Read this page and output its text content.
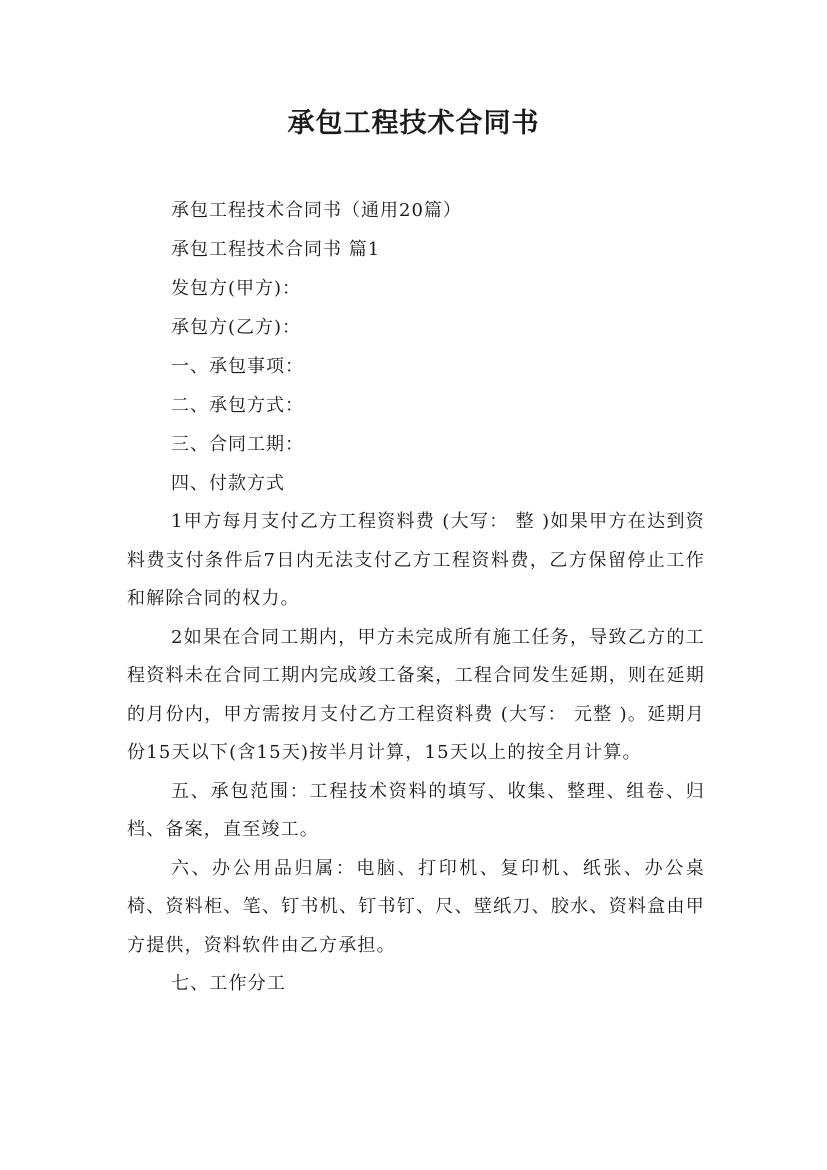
承包工程技术合同书

承包工程技术合同书（通用20篇）

承包工程技术合同书 篇1

发包方(甲方)：

承包方(乙方)：

一、承包事项：

二、承包方式：

三、合同工期：

四、付款方式

1甲方每月支付乙方工程资料费 (大写： 整 )如果甲方在达到资料费支付条件后7日内无法支付乙方工程资料费，乙方保留停止工作和解除合同的权力。

2如果在合同工期内，甲方未完成所有施工任务，导致乙方的工程资料未在合同工期内完成竣工备案，工程合同发生延期，则在延期的月份内，甲方需按月支付乙方工程资料费 (大写： 元整 )。延期月份15天以下(含15天)按半月计算，15天以上的按全月计算。

五、承包范围：工程技术资料的填写、收集、整理、组卷、归档、备案，直至竣工。

六、办公用品归属：电脑、打印机、复印机、纸张、办公桌椅、资料柜、笔、钉书机、钉书钉、尺、壁纸刀、胶水、资料盒由甲方提供，资料软件由乙方承担。

七、工作分工
